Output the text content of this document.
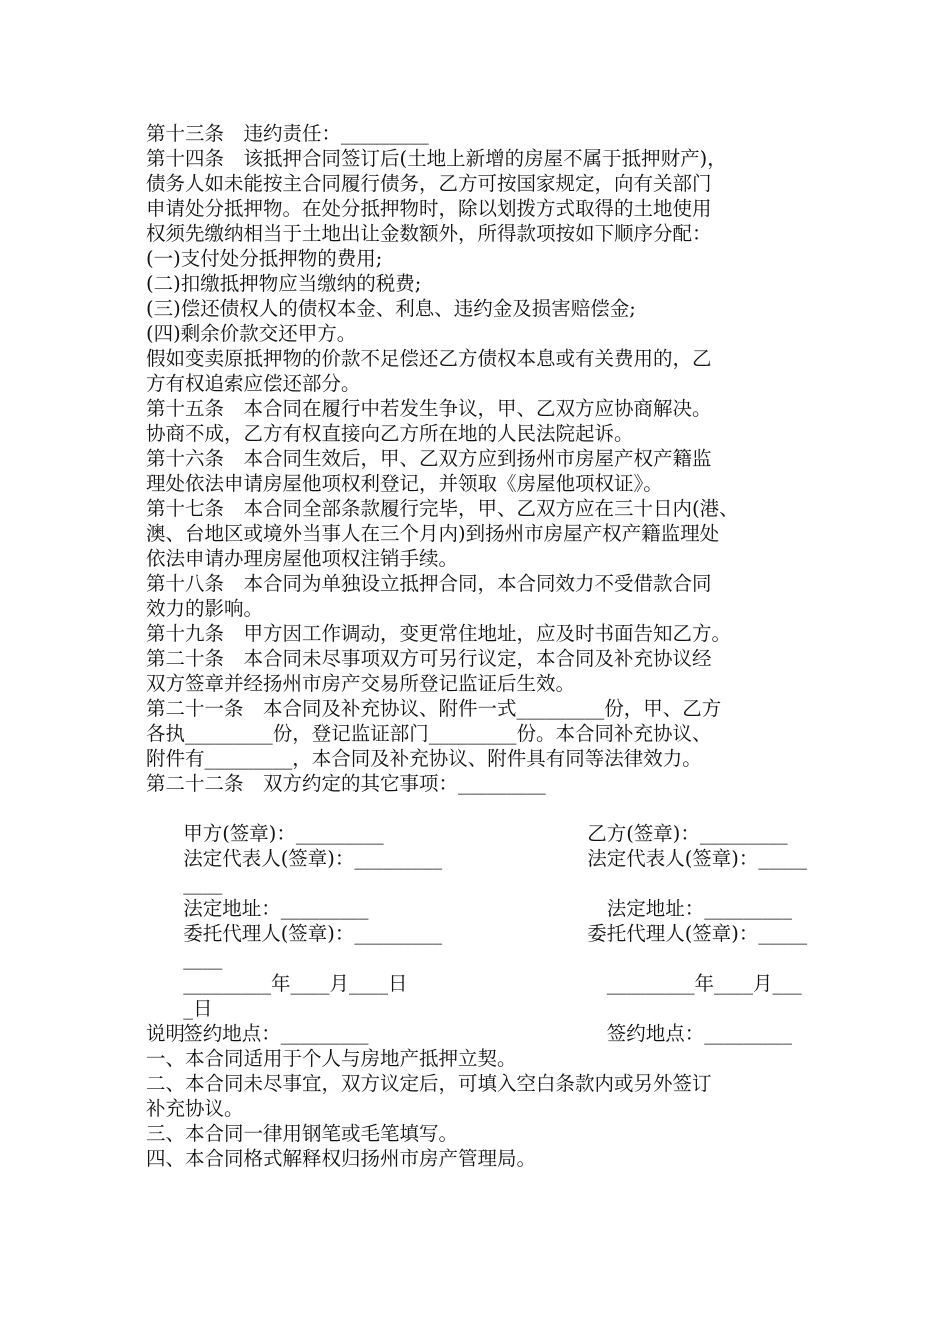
第十三条　违约责任：_________
第十四条　该抵押合同签订后(土地上新增的房屋不属于抵押财产)，
债务人如未能按主合同履行债务，乙方可按国家规定，向有关部门
申请处分抵押物。在处分抵押物时，除以划拨方式取得的土地使用
权须先缴纳相当于土地出让金数额外，所得款项按如下顺序分配：
(一)支付处分抵押物的费用;
(二)扣缴抵押物应当缴纳的税费;
(三)偿还债权人的债权本金、利息、违约金及损害赔偿金;
(四)剩余价款交还甲方。
假如变卖原抵押物的价款不足偿还乙方债权本息或有关费用的，乙
方有权追索应偿还部分。
第十五条　本合同在履行中若发生争议，甲、乙双方应协商解决。
协商不成，乙方有权直接向乙方所在地的人民法院起诉。
第十六条　本合同生效后，甲、乙双方应到扬州市房屋产权产籍监
理处依法申请房屋他项权利登记，并领取《房屋他项权证》。
第十七条　本合同全部条款履行完毕，甲、乙双方应在三十日内(港、
澳、台地区或境外当事人在三个月内)到扬州市房屋产权产籍监理处
依法申请办理房屋他项权注销手续。
第十八条　本合同为单独设立抵押合同，本合同效力不受借款合同
效力的影响。
第十九条　甲方因工作调动，变更常住地址，应及时书面告知乙方。
第二十条　本合同未尽事项双方可另行议定，本合同及补充协议经
双方签章并经扬州市房产交易所登记监证后生效。
第二十一条　本合同及补充协议、附件一式_________份，甲、乙方
各执_________份，登记监证部门_________份。本合同补充协议、
附件有_________，本合同及补充协议、附件具有同等法律效力。
第二十二条　双方约定的其它事项：_________

甲方(签章)：_________	乙方(签章)：_________

法定代表人(签章)：_________	法定代表人(签章)：_____

____

法定地址：_________	　法定地址：_________

委托代理人(签章)：_________	委托代理人(签章)：_____

____

_________年____月____日	　_________年____月___

_日

签约地点：_________	　签约地点：_________

说明
一、本合同适用于个人与房地产抵押立契。
二、本合同未尽事宜，双方议定后，可填入空白条款内或另外签订
补充协议。
三、本合同一律用钢笔或毛笔填写。
四、本合同格式解释权归扬州市房产管理局。
